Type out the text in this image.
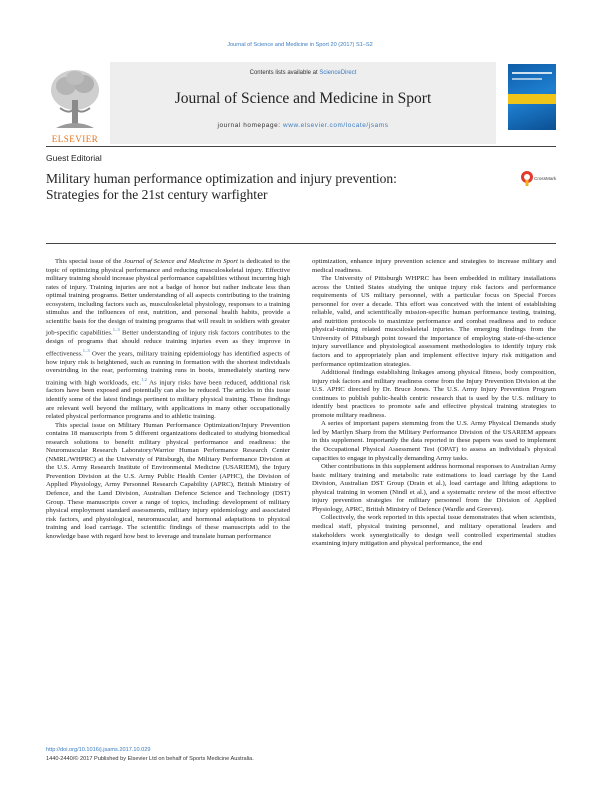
Journal of Science and Medicine in Sport 20 (2017) S1–S2
ELSEVIER
Contents lists available at ScienceDirect
Journal of Science and Medicine in Sport
journal homepage: www.elsevier.com/locate/jsams
Guest Editorial
Military human performance optimization and injury prevention:
Strategies for the 21st century warfighter
CrossMark

This special issue of the Journal of Science and Medicine in Sport is dedicated to the topic of optimizing physical performance and reducing musculoskeletal injury. Effective military training should increase physical performance capabilities without incurring high rates of injury. Training injuries are not a badge of honor but rather indicate less than optimal training programs. Better understanding of all aspects contributing to the training ecosystem, including factors such as, musculoskeletal physiology, responses to a training stimulus and the influences of rest, nutrition, and personal health habits, provide a scientific basis for the design of training programs that will result in soldiers with greater job-specific capabilities.$^{1-3}$ Better understanding of injury risk factors contributes to the design of programs that should reduce training injuries even as they improve in effectiveness.$^{1-3}$ Over the years, military training epidemiology has identified aspects of how injury risk is heightened, such as running in formation with the shortest individuals overstriding in the rear, performing training runs in boots, immediately starting new training with high workloads, etc.$^{1,2}$ As injury risks have been reduced, additional risk factors have been exposed and potentially can also be reduced. The articles in this issue identify some of the latest findings pertinent to military physical training. These findings are relevant well beyond the military, with applications in many other occupationally related physical performance programs and to athletic training.

This special issue on Military Human Performance Optimization/Injury Prevention contains 18 manuscripts from 5 different organizations dedicated to studying biomedical research solutions to benefit military physical performance and readiness: the Neuromuscular Research Laboratory/Warrior Human Performance Research Center (NMRL/WHPRC) at the University of Pittsburgh, the Military Performance Division at the U.S. Army Research Institute of Environmental Medicine (USARIEM), the Injury Prevention Division at the U.S. Army Public Health Center (APHC), the Division of Applied Physiology, Army Personnel Research Capability (APRC), British Ministry of Defence, and the Land Division, Australian Defence Science and Technology (DST) Group. These manuscripts cover a range of topics, including: development of military physical employment standard assessments, military injury epidemiology and associated risk factors, and physiological, neuromuscular, and hormonal adaptations to physical training and load carriage. The scientific findings of these manuscripts add to the knowledge base with regard how best to leverage and translate human performance

optimization, enhance injury prevention science and strategies to increase military and medical readiness.

The University of Pittsburgh WHPRC has been embedded in military installations across the United States studying the unique injury risk factors and performance requirements of US military personnel, with a particular focus on Special Forces personnel for over a decade. This effort was conceived with the intent of establishing reliable, valid, and scientifically mission-specific human performance testing, training, and nutrition protocols to maximize performance and combat readiness and to reduce physical-training related musculoskeletal injuries. The emerging findings from the University of Pittsburgh point toward the importance of employing state-of-the-science injury surveillance and physiological assessment methodologies to identify injury risk factors and to appropriately plan and implement effective injury risk mitigation and performance optimization strategies.

Additional findings establishing linkages among physical fitness, body composition, injury risk factors and military readiness come from the Injury Prevention Division at the U.S. APHC directed by Dr. Bruce Jones. The U.S. Army Injury Prevention Program continues to publish public-health centric research that is used by the U.S. military to identify best practices to promote safe and effective physical training strategies to promote military readiness.

A series of important papers stemming from the U.S. Army Physical Demands study led by Marilyn Sharp from the Military Performance Division of the USARIEM appears in this supplement. Importantly the data reported in these papers was used to implement the Occupational Physical Assessment Test (OPAT) to assess an individual's physical capacities to engage in physically demanding Army tasks.

Other contributions in this supplement address hormonal responses to Australian Army basic military training and metabolic rate estimations to load carriage by the Land Division, Australian DST Group (Drain et al.), load carriage and lifting adaptions to physical training in women (Nindl et al.), and a systematic review of the most effective injury prevention strategies for military personnel from the Division of Applied Physiology, APRC, British Ministry of Defence (Wardle and Greeves).

Collectively, the work reported in this special issue demonstrates that when scientists, medical staff, physical training personnel, and military operational leaders and stakeholders work synergistically to design well controlled experimental studies examining injury mitigation and physical performance, the end

http://doi.org/10.1016/j.jsams.2017.10.029
1440-2440/© 2017 Published by Elsevier Ltd on behalf of Sports Medicine Australia.
